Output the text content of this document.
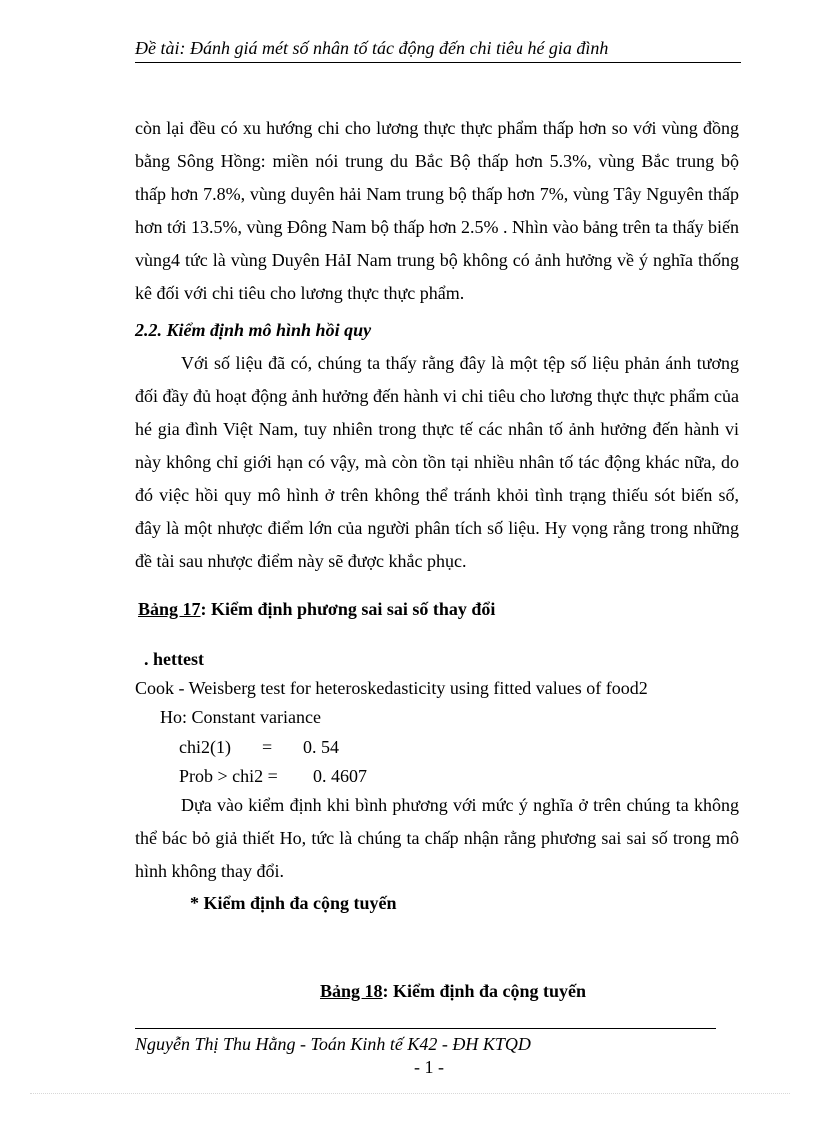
Đề tài: Đánh giá mét số nhân tố tác động đến chi tiêu hé gia đình
còn lại đều có xu hướng chi cho lương thực thực phẩm thấp hơn so với vùng đồng bằng Sông Hồng: miền nói trung du Bắc Bộ thấp hơn 5.3%, vùng Bắc trung bộ thấp hơn 7.8%, vùng duyên hải Nam trung bộ thấp hơn 7%, vùng Tây Nguyên thấp hơn tới 13.5%, vùng Đông Nam bộ thấp hơn 2.5% . Nhìn vào bảng trên ta thấy biến vùng4 tức là vùng Duyên HảI Nam trung bộ không có ảnh hưởng về ý nghĩa thống kê đối với chi tiêu cho lương thực thực phẩm.
2.2. Kiểm định mô hình hồi quy
Với số liệu đã có, chúng ta thấy rằng đây là một tệp số liệu phản ánh tương đối đầy đủ hoạt động ảnh hưởng đến hành vi chi tiêu cho lương thực thực phẩm của hé gia đình Việt Nam, tuy nhiên trong thực tế các nhân tố ảnh hưởng đến hành vi này không chỉ giới hạn có vậy, mà còn tồn tại nhiều nhân tố tác động khác nữa, do đó việc hồi quy mô hình ở trên không thể tránh khỏi tình trạng thiếu sót biến số, đây là một nhược điểm lớn của người phân tích số liệu. Hy vọng rằng trong những đề tài sau nhược điểm này sẽ được khắc phục.
Bảng 17: Kiểm định phương sai sai số thay đổi
. hettest
Cook - Weisberg test for heteroskedasticity using fitted values of food2
Ho: Constant variance
chi2(1) = 0. 54
Prob > chi2 = 0. 4607
Dựa vào kiểm định khi bình phương với mức ý nghĩa ở trên chúng ta không thể bác bỏ giả thiết Ho, tức là chúng ta chấp nhận rằng phương sai sai số trong mô hình không thay đổi.
* Kiểm định đa cộng tuyến
Bảng 18: Kiểm định đa cộng tuyến
Nguyễn Thị Thu Hằng - Toán Kinh tế K42 - ĐH KTQD
- 1 -
